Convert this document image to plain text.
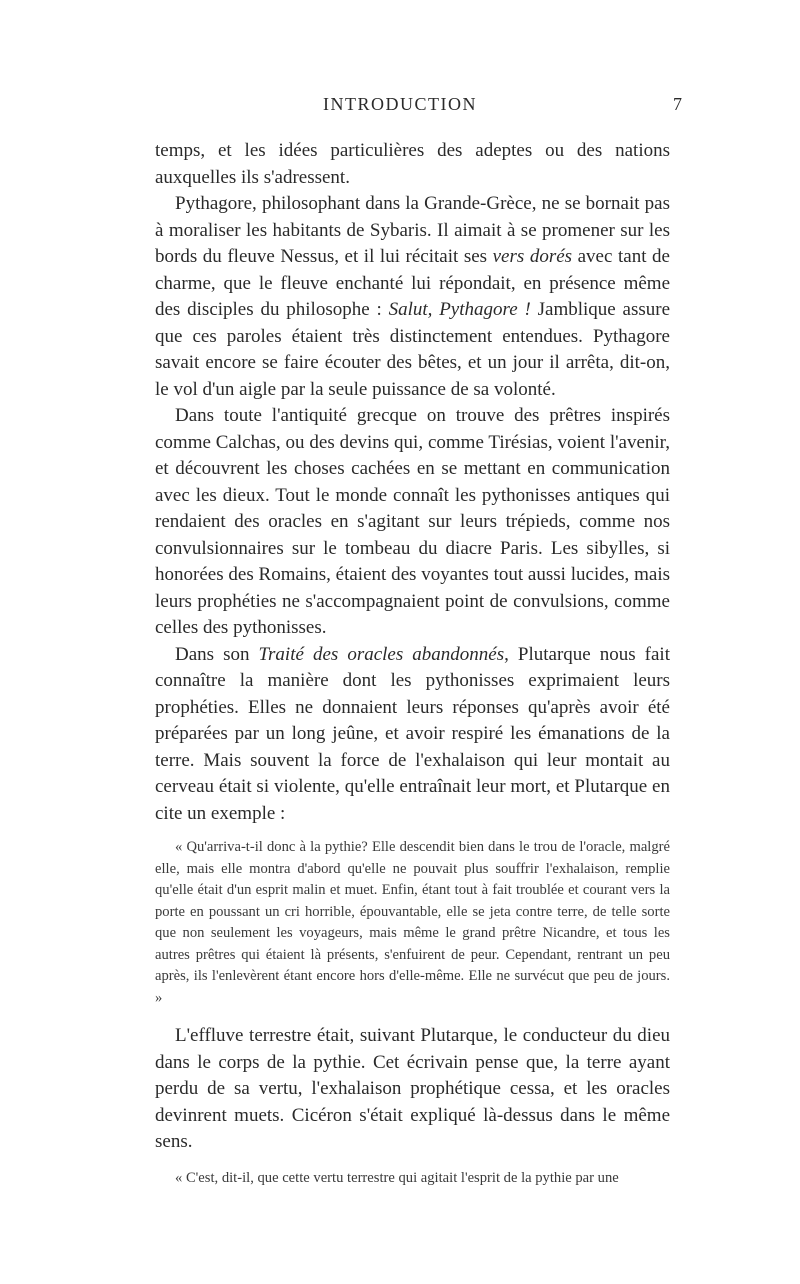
INTRODUCTION	7

temps, et les idées particulières des adeptes ou des nations auxquelles ils s'adressent.

Pythagore, philosophant dans la Grande-Grèce, ne se bornait pas à moraliser les habitants de Sybaris. Il aimait à se promener sur les bords du fleuve Nessus, et il lui récitait ses vers dorés avec tant de charme, que le fleuve enchanté lui répondait, en présence même des disciples du philosophe : Salut, Pythagore ! Jamblique assure que ces paroles étaient très distinctement entendues. Pythagore savait encore se faire écouter des bêtes, et un jour il arrêta, dit-on, le vol d'un aigle par la seule puissance de sa volonté.

Dans toute l'antiquité grecque on trouve des prêtres inspirés comme Calchas, ou des devins qui, comme Tirésias, voient l'avenir, et découvrent les choses cachées en se mettant en communication avec les dieux. Tout le monde connaît les pythonisses antiques qui rendaient des oracles en s'agitant sur leurs trépieds, comme nos convulsionnaires sur le tombeau du diacre Paris. Les sibylles, si honorées des Romains, étaient des voyantes tout aussi lucides, mais leurs prophéties ne s'accompagnaient point de convulsions, comme celles des pythonisses.

Dans son Traité des oracles abandonnés, Plutarque nous fait connaître la manière dont les pythonisses exprimaient leurs prophéties. Elles ne donnaient leurs réponses qu'après avoir été préparées par un long jeûne, et avoir respiré les émanations de la terre. Mais souvent la force de l'exhalaison qui leur montait au cerveau était si violente, qu'elle entraînait leur mort, et Plutarque en cite un exemple :

« Qu'arriva-t-il donc à la pythie? Elle descendit bien dans le trou de l'oracle, malgré elle, mais elle montra d'abord qu'elle ne pouvait plus souffrir l'exhalaison, remplie qu'elle était d'un esprit malin et muet. Enfin, étant tout à fait troublée et courant vers la porte en poussant un cri horrible, épouvantable, elle se jeta contre terre, de telle sorte que non seulement les voyageurs, mais même le grand prêtre Nicandre, et tous les autres prêtres qui étaient là présents, s'enfuirent de peur. Cependant, rentrant un peu après, ils l'enlevèrent étant encore hors d'elle-même. Elle ne survécut que peu de jours. »

L'effluve terrestre était, suivant Plutarque, le conducteur du dieu dans le corps de la pythie. Cet écrivain pense que, la terre ayant perdu de sa vertu, l'exhalaison prophétique cessa, et les oracles devinrent muets. Cicéron s'était expliqué là-dessus dans le même sens.

« C'est, dit-il, que cette vertu terrestre qui agitait l'esprit de la pythie par une
